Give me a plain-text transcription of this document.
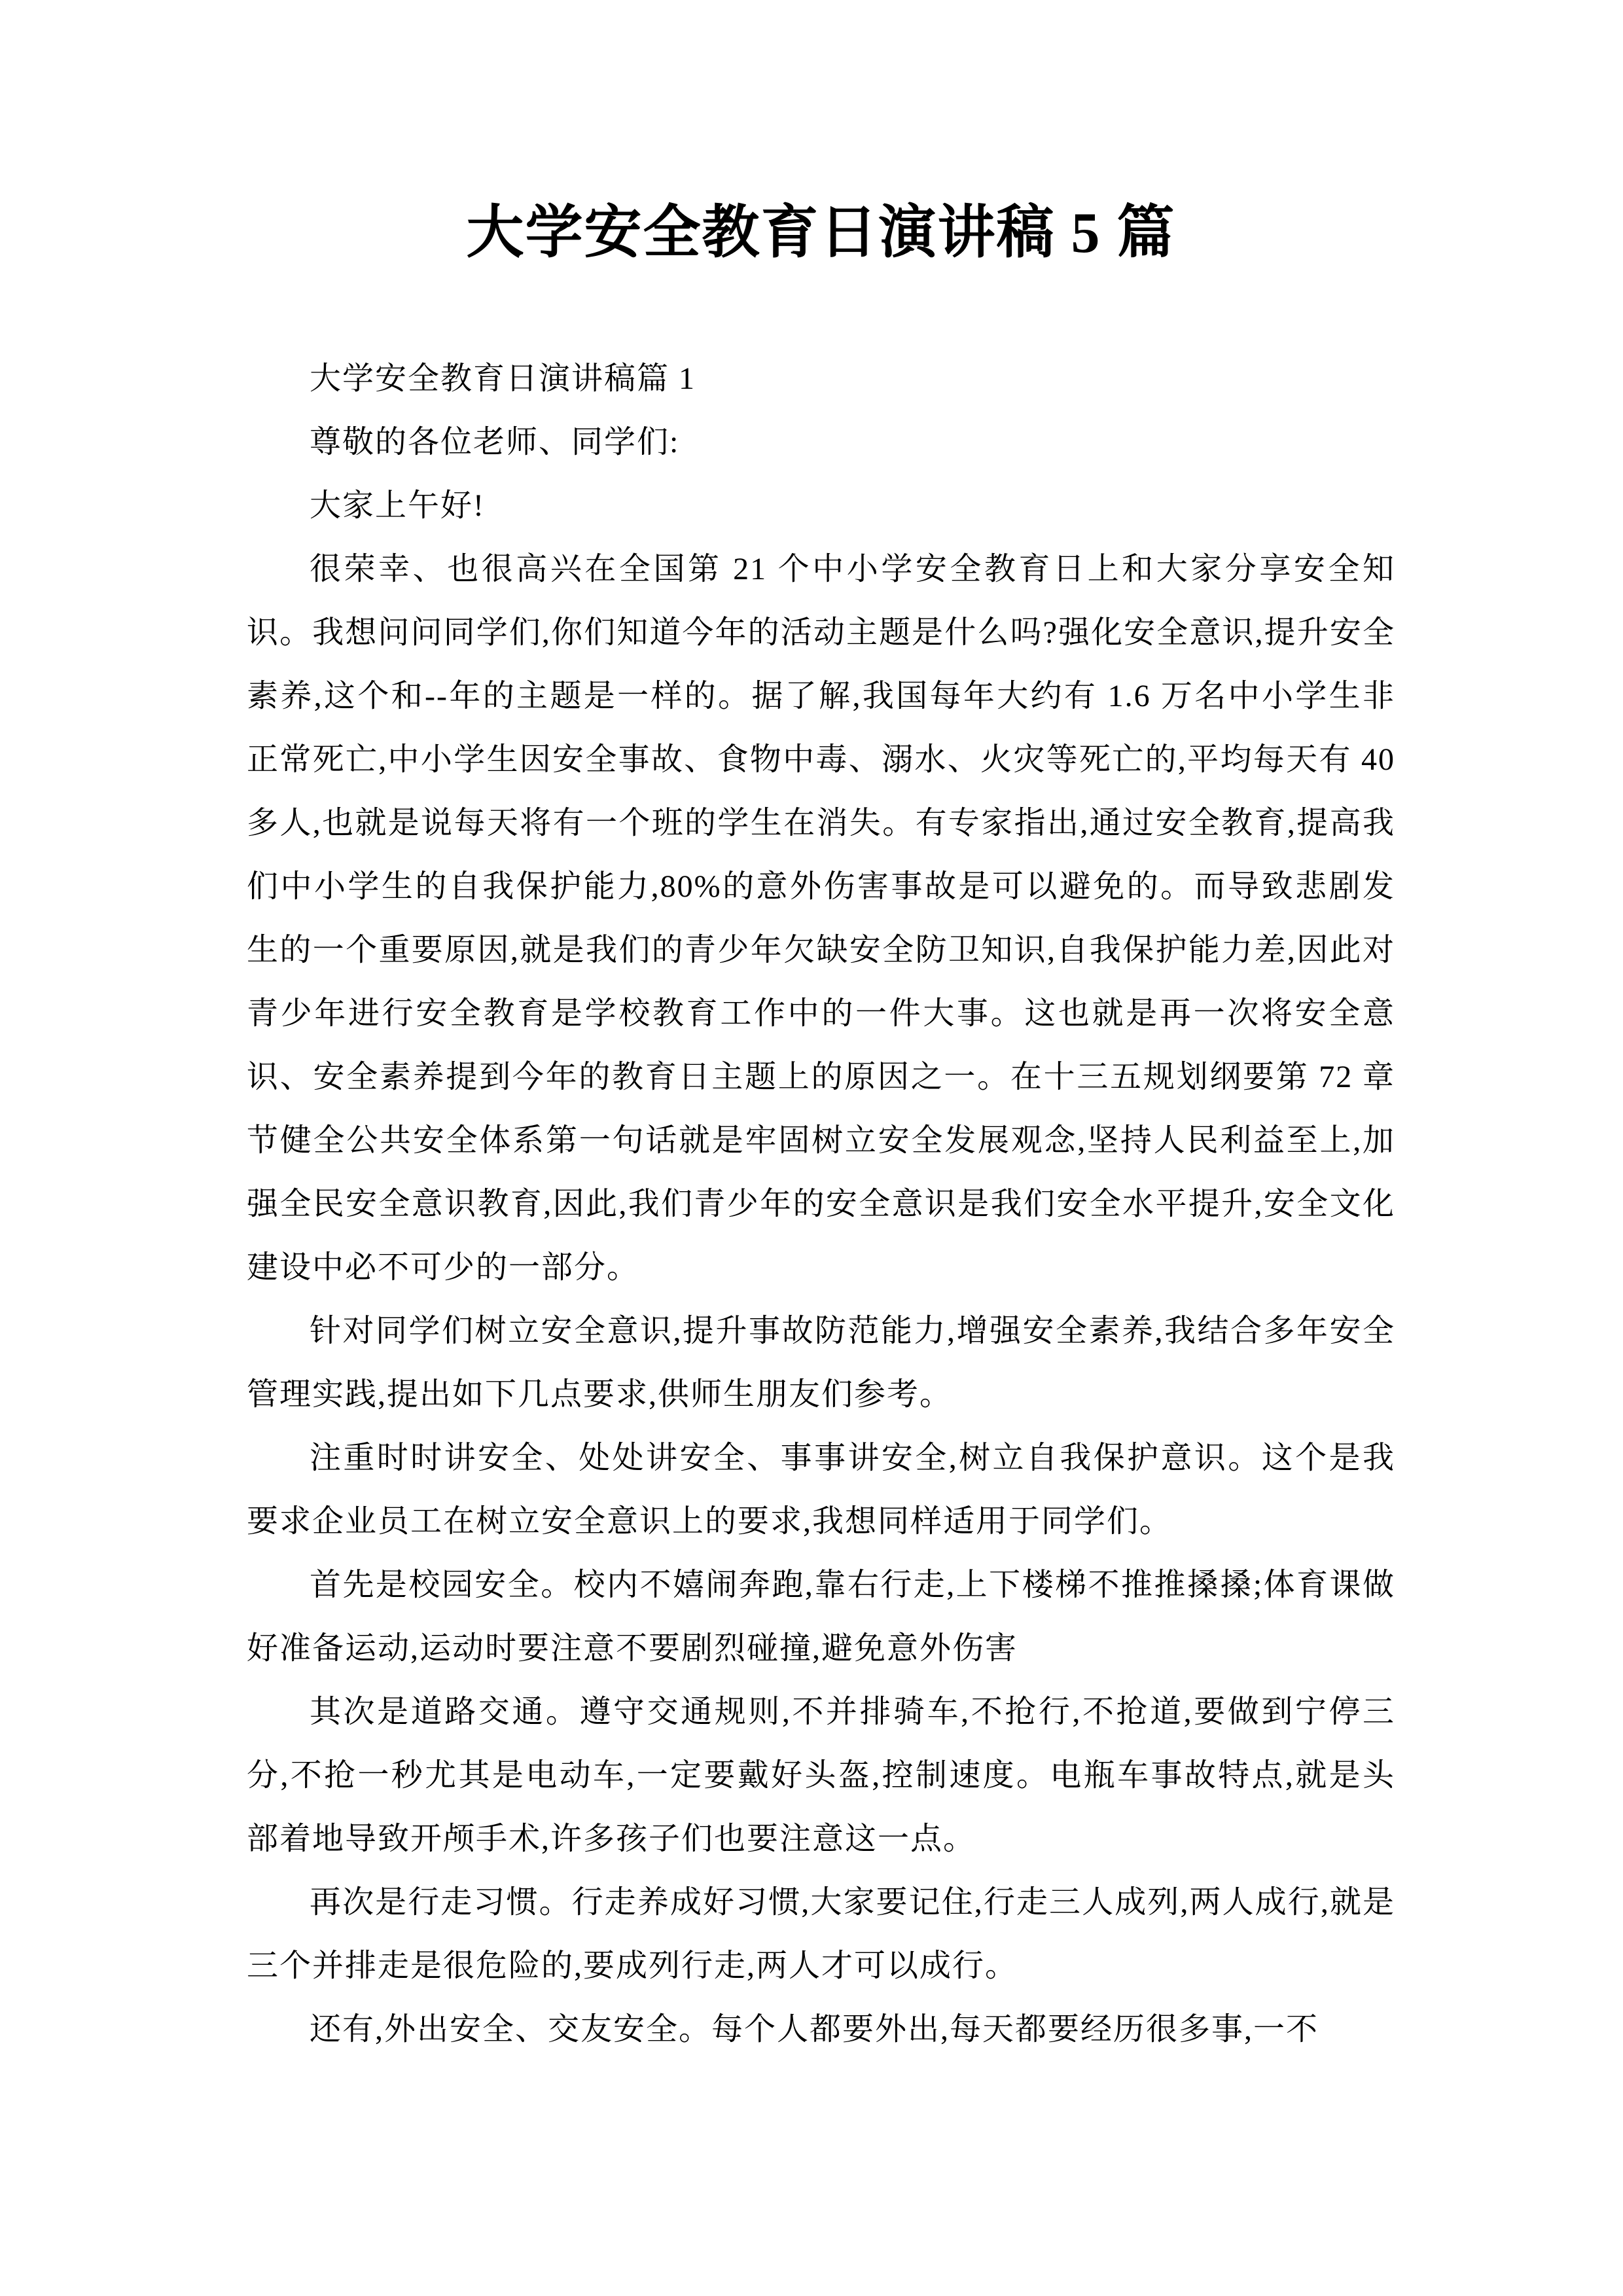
大学安全教育日演讲稿 5 篇

大学安全教育日演讲稿篇 1

尊敬的各位老师、同学们:

大家上午好!

很荣幸、也很高兴在全国第 21 个中小学安全教育日上和大家分享安全知识。我想问问同学们,你们知道今年的活动主题是什么吗?强化安全意识,提升安全素养,这个和--年的主题是一样的。据了解,我国每年大约有 1.6 万名中小学生非正常死亡,中小学生因安全事故、食物中毒、溺水、火灾等死亡的,平均每天有 40 多人,也就是说每天将有一个班的学生在消失。有专家指出,通过安全教育,提高我们中小学生的自我保护能力,80%的意外伤害事故是可以避免的。而导致悲剧发生的一个重要原因,就是我们的青少年欠缺安全防卫知识,自我保护能力差,因此对青少年进行安全教育是学校教育工作中的一件大事。这也就是再一次将安全意识、安全素养提到今年的教育日主题上的原因之一。在十三五规划纲要第 72 章节健全公共安全体系第一句话就是牢固树立安全发展观念,坚持人民利益至上,加强全民安全意识教育,因此,我们青少年的安全意识是我们安全水平提升,安全文化建设中必不可少的一部分。

针对同学们树立安全意识,提升事故防范能力,增强安全素养,我结合多年安全管理实践,提出如下几点要求,供师生朋友们参考。

注重时时讲安全、处处讲安全、事事讲安全,树立自我保护意识。这个是我要求企业员工在树立安全意识上的要求,我想同样适用于同学们。

首先是校园安全。校内不嬉闹奔跑,靠右行走,上下楼梯不推推搡搡;体育课做好准备运动,运动时要注意不要剧烈碰撞,避免意外伤害

其次是道路交通。遵守交通规则,不并排骑车,不抢行,不抢道,要做到宁停三分,不抢一秒尤其是电动车,一定要戴好头盔,控制速度。电瓶车事故特点,就是头部着地导致开颅手术,许多孩子们也要注意这一点。

再次是行走习惯。行走养成好习惯,大家要记住,行走三人成列,两人成行,就是三个并排走是很危险的,要成列行走,两人才可以成行。

还有,外出安全、交友安全。每个人都要外出,每天都要经历很多事,一不
